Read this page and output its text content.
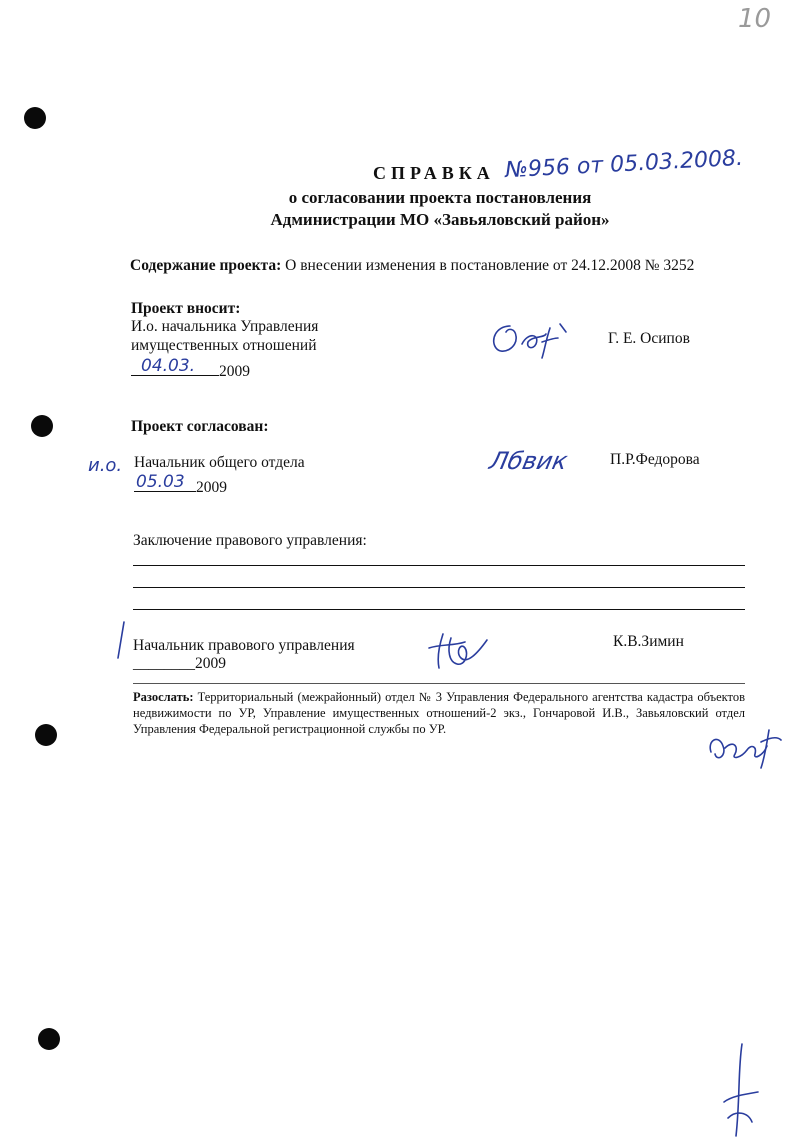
10
СПРАВКА №956 от 05.03.2008.
о согласовании проекта постановления
Администрации МО «Завьяловский район»
Содержание проекта: О внесении изменения в постановление от 24.12.2008 № 3252
Проект вносит:
И.о. начальника Управления
имущественных отношений
04.03. 2009
Г. Е. Осипов
Проект согласован:
и.о. Начальник общего отдела
05.03 2009
Лбвик	П.Р.Федорова
Заключение правового управления:
Начальник правового управления
________2009
К.В.Зимин
Разослать: Территориальный (межрайонный) отдел № 3 Управления Федерального агентства кадастра объектов недвижимости по УР, Управление имущественных отношений-2 экз., Гончаровой И.В., Завьяловский отдел Управления Федеральной регистрационной службы по УР.
